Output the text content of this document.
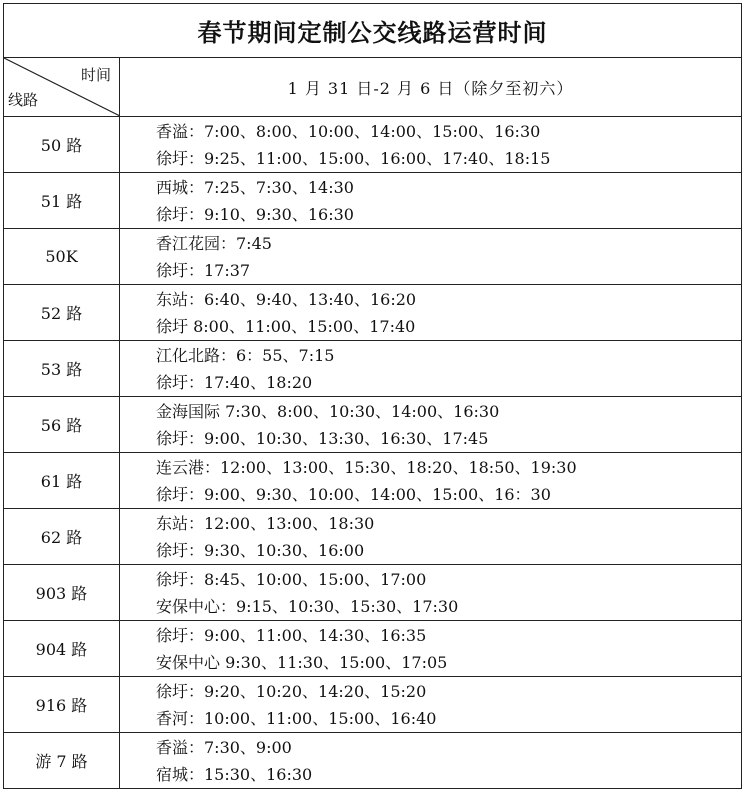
春节期间定制公交线路运营时间	

时间
线路	1 月 31 日-2 月 6 日（除夕至初六）
50 路	香溢：7:00、8:00、10:00、14:00、15:00、16:30
徐圩：9:25、11:00、15:00、16:00、17:40、18:15

51 路	西城：7:25、7:30、14:30
徐圩：9:10、9:30、16:30

50K	香江花园：7:45
徐圩：17:37

52 路	东站：6:40、9:40、13:40、16:20
徐圩 8:00、11:00、15:00、17:40

53 路	江化北路：6：55、7:15
徐圩：17:40、18:20

56 路	金海国际 7:30、8:00、10:30、14:00、16:30
徐圩：9:00、10:30、13:30、16:30、17:45

61 路	连云港：12:00、13:00、15:30、18:20、18:50、19:30
徐圩：9:00、9:30、10:00、14:00、15:00、16：30

62 路	东站：12:00、13:00、18:30
徐圩：9:30、10:30、16:00

903 路	徐圩：8:45、10:00、15:00、17:00
安保中心：9:15、10:30、15:30、17:30

904 路	徐圩：9:00、11:00、14:30、16:35
安保中心 9:30、11:30、15:00、17:05

916 路	徐圩：9:20、10:20、14:20、15:20
香河：10:00、11:00、15:00、16:40

游 7 路	香溢：7:30、9:00
宿城：15:30、16:30
